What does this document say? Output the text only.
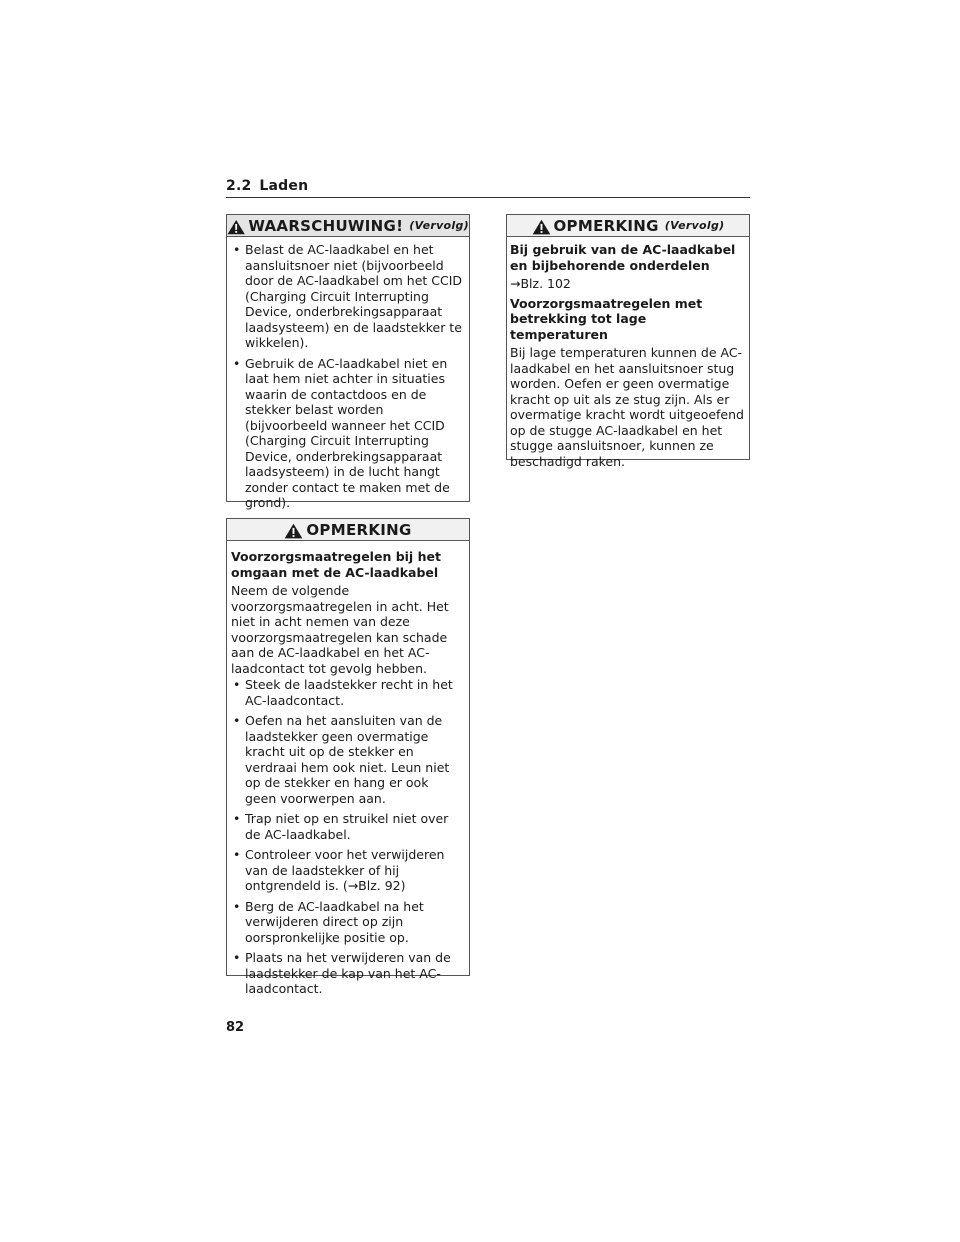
2.2 Laden
WAARSCHUWING! (Vervolg)
• Belast de AC-laadkabel en het aansluitsnoer niet (bijvoorbeeld door de AC-laadkabel om het CCID (Charging Circuit Interrupting Device, onderbrekingsapparaat laadsysteem) en de laadstekker te wikkelen).
• Gebruik de AC-laadkabel niet en laat hem niet achter in situaties waarin de contactdoos en de stekker belast worden (bijvoorbeeld wanneer het CCID (Charging Circuit Interrupting Device, onderbrekingsapparaat laadsysteem) in de lucht hangt zonder contact te maken met de grond).
OPMERKING

Voorzorgsmaatregelen bij het omgaan met de AC-laadkabel

Neem de volgende voorzorgsmaatregelen in acht. Het niet in acht nemen van deze voorzorgsmaatregelen kan schade aan de AC-laadkabel en het AC-laadcontact tot gevolg hebben.

• Steek de laadstekker recht in het AC-laadcontact.
• Oefen na het aansluiten van de laadstekker geen overmatige kracht uit op de stekker en verdraai hem ook niet. Leun niet op de stekker en hang er ook geen voorwerpen aan.
• Trap niet op en struikel niet over de AC-laadkabel.
• Controleer voor het verwijderen van de laadstekker of hij ontgrendeld is. (→Blz. 92)
• Berg de AC-laadkabel na het verwijderen direct op zijn oorspronkelijke positie op.
• Plaats na het verwijderen van de laadstekker de kap van het AC-laadcontact.
OPMERKING (Vervolg)

Bij gebruik van de AC-laadkabel en bijbehorende onderdelen

→Blz. 102

Voorzorgsmaatregelen met betrekking tot lage temperaturen

Bij lage temperaturen kunnen de AC-laadkabel en het aansluitsnoer stug worden. Oefen er geen overmatige kracht op uit als ze stug zijn. Als er overmatige kracht wordt uitgeoefend op de stugge AC-laadkabel en het stugge aansluitsnoer, kunnen ze beschadigd raken.

82
